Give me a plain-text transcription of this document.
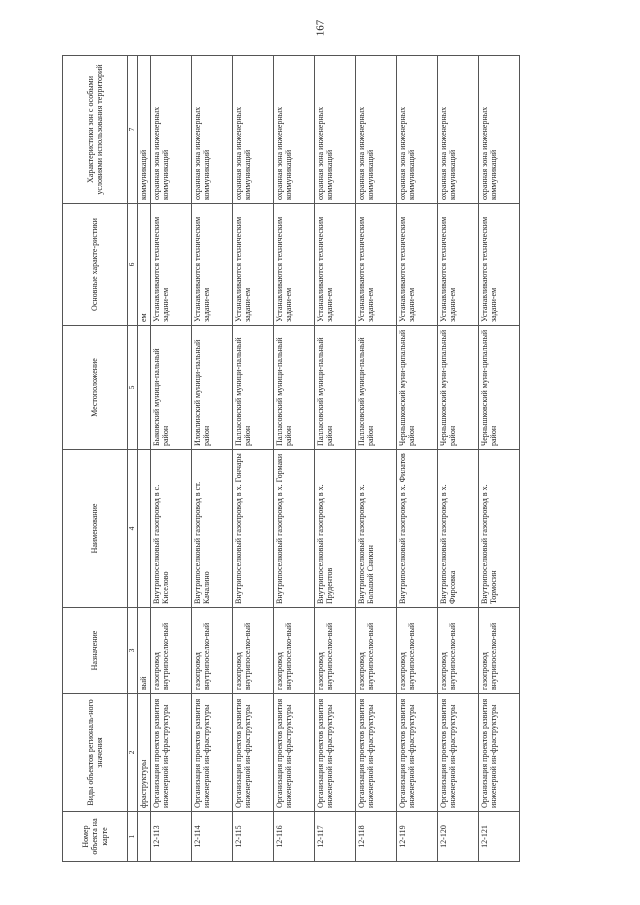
167
Номер объекта на карте	Виды объектов региональ-ного значения	Назначение	Наименование	Местоположение	Основные характе-ристики	Характеристики зон с особыми условиями использования территорий
1	2	3	4	5	6	7
	фраструктуры	вый			ем	коммуникаций
12-113	Организация проектов развития инженерной ин-фраструктуры	газопровод внутрипоселко-вый	Внутрипоселковый газопровод в с. Киселово	Быковский муници-пальный район	Устанавливаются техническим задани-ем	охранная зона инженерных коммуникаций
12-114	Организация проектов развития инженерной ин-фраструктуры	газопровод внутрипоселко-вый	Внутрипоселковый газопровод в ст. Качалино	Иловлинский муници-пальный район	Устанавливаются техническим задани-ем	охранная зона инженерных коммуникаций
12-115	Организация проектов развития инженерной ин-фраструктуры	газопровод внутрипоселко-вый	Внутрипоселковый газопровод в х. Гончары	Палласовский муници-пальный район	Устанавливаются техническим задани-ем	охранная зона инженерных коммуникаций
12-116	Организация проектов развития инженерной ин-фраструктуры	газопровод внутрипоселко-вый	Внутрипоселковый газопровод в х. Гормаки	Палласовский муници-пальный район	Устанавливаются техническим задани-ем	охранная зона инженерных коммуникаций
12-117	Организация проектов развития инженерной ин-фраструктуры	газопровод внутрипоселко-вый	Внутрипоселковый газопровод в х. Прудентов	Палласовский муници-пальный район	Устанавливаются техническим задани-ем	охранная зона инженерных коммуникаций
12-118	Организация проектов развития инженерной ин-фраструктуры	газопровод внутрипоселко-вый	Внутрипоселковый газопровод в х. Большой Сникин	Палласовский муници-пальный район	Устанавливаются техническим задани-ем	охранная зона инженерных коммуникаций
12-119	Организация проектов развития инженерной ин-фраструктуры	газопровод внутрипоселко-вый	Внутрипоселковый газопровод в х. Филатов	Чернышковский муни-ципальный район	Устанавливаются техническим задани-ем	охранная зона инженерных коммуникаций
12-120	Организация проектов развития инженерной ин-фраструктуры	газопровод внутрипоселко-вый	Внутрипоселковый газопровод в х. Фирсовка	Чернышковский муни-ципальный район	Устанавливаются техническим задани-ем	охранная зона инженерных коммуникаций
12-121	Организация проектов развития инженерной ин-фраструктуры	газопровод внутрипоселко-вый	Внутрипоселковый газопровод в х. Тормосин	Чернышковский муни-ципальный район	Устанавливаются техническим задани-ем	охранная зона инженерных коммуникаций
